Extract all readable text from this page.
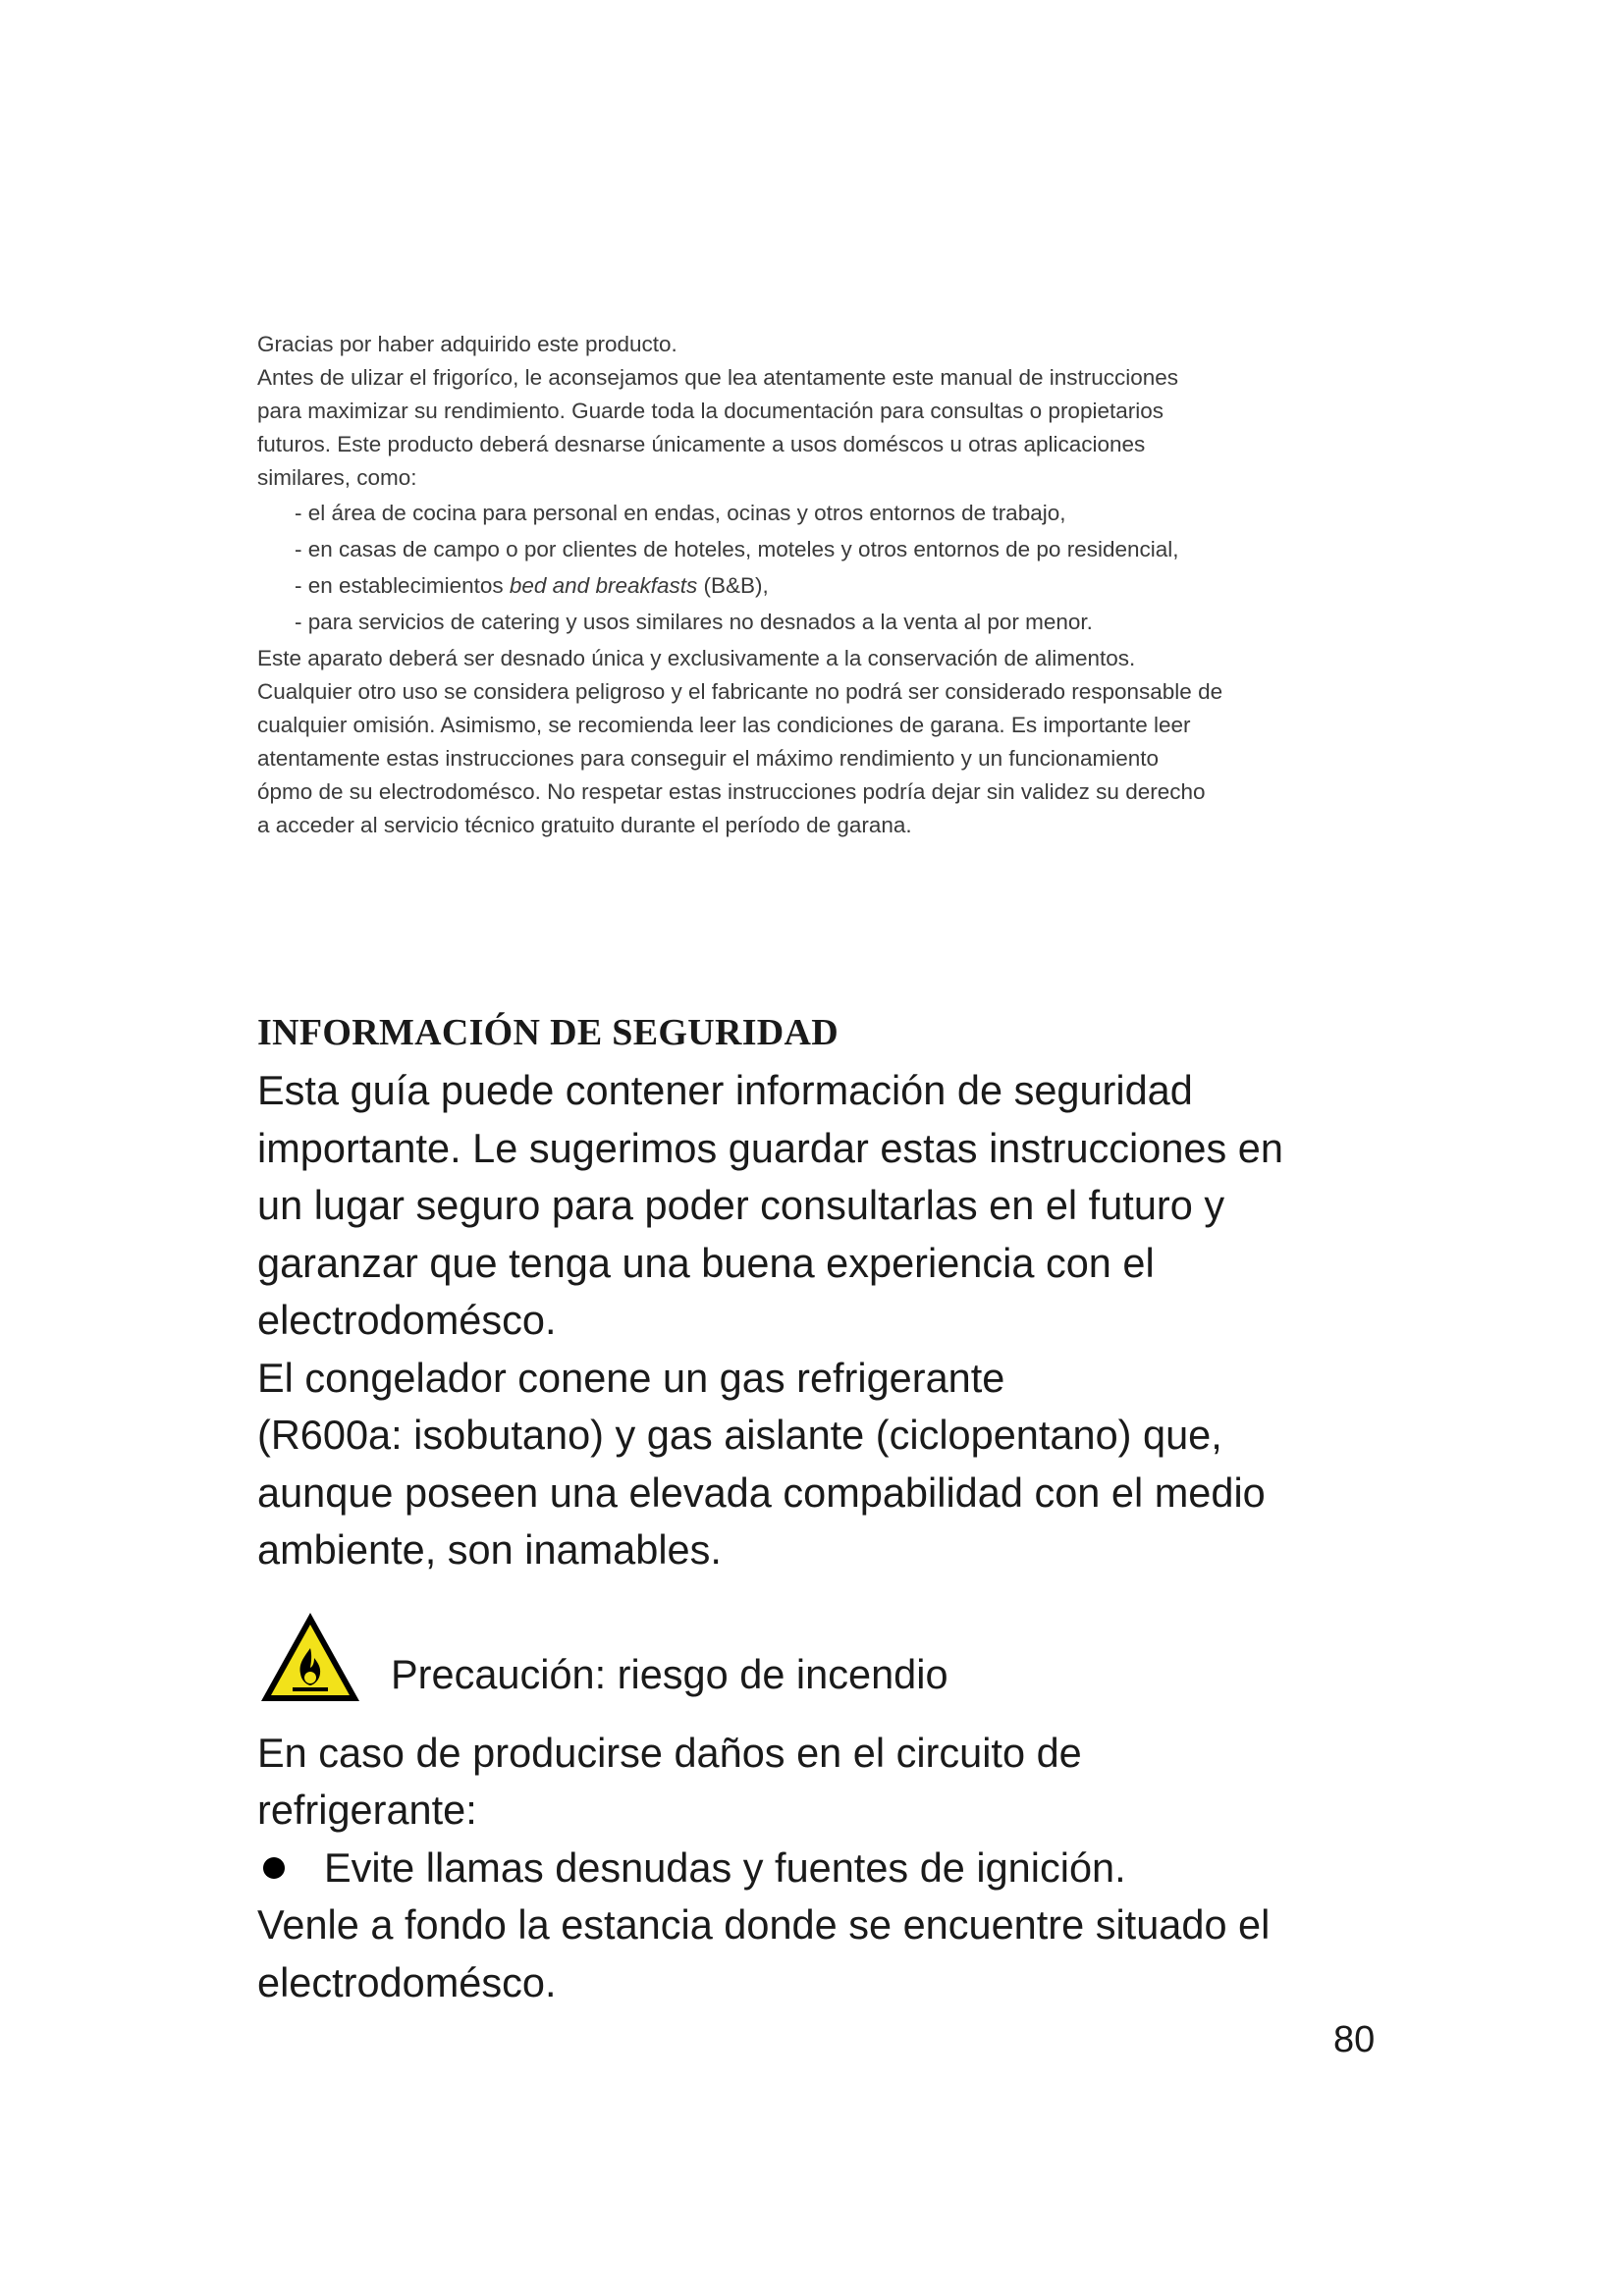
Gracias por haber adquirido este producto.

Antes de ulizar el frigoríco, le aconsejamos que lea atentamente este manual de instrucciones

para maximizar su rendimiento. Guarde toda la documentación para consultas o propietarios

futuros. Este producto deberá desnarse únicamente a usos doméscos u otras aplicaciones

similares, como:

- el área de cocina para personal en endas, ocinas y otros entornos de trabajo,
- en casas de campo o por clientes de hoteles, moteles y otros entornos de po residencial,
- en establecimientos bed and breakfasts (B&B),
- para servicios de catering y usos similares no desnados a la venta al por menor.

Este aparato deberá ser desnado única y exclusivamente a la conservación de alimentos.

Cualquier otro uso se considera peligroso y el fabricante no podrá ser considerado responsable de

cualquier omisión. Asimismo, se recomienda leer las condiciones de garana. Es importante leer

atentamente estas instrucciones para conseguir el máximo rendimiento y un funcionamiento

ópmo de su electrodomésco. No respetar estas instrucciones podría dejar sin validez su derecho

a acceder al servicio técnico gratuito durante el período de garana.

INFORMACIÓN DE SEGURIDAD

Esta guía puede contener información de seguridad

importante. Le sugerimos guardar estas instrucciones en

un lugar seguro para poder consultarlas en el futuro y

garanzar que tenga una buena experiencia con el

electrodomésco.

El congelador conene un gas refrigerante

(R600a: isobutano) y gas aislante (ciclopentano) que,

aunque poseen una elevada compabilidad con el medio

ambiente, son inamables.

Precaución: riesgo de incendio

En caso de producirse daños en el circuito de

refrigerante:

Evite llamas desnudas y fuentes de ignición.

Venle a fondo la estancia donde se encuentre situado el

electrodomésco.

80
